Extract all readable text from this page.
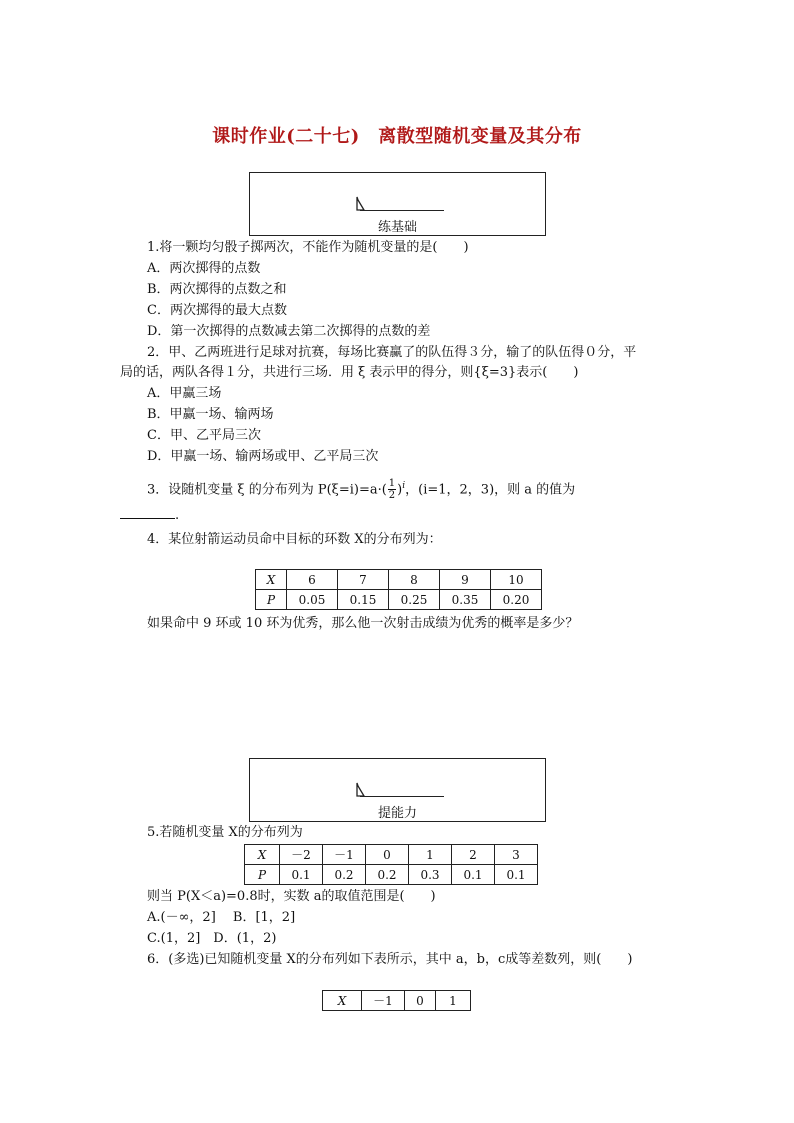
课时作业(二十七)　离散型随机变量及其分布
练基础
1.将一颗均匀骰子掷两次，不能作为随机变量的是(　　)
A．两次掷得的点数
B．两次掷得的点数之和
C．两次掷得的最大点数
D．第一次掷得的点数减去第二次掷得的点数的差
2．甲、乙两班进行足球对抗赛，每场比赛赢了的队伍得３分，输了的队伍得０分，平
局的话，两队各得１分，共进行三场．用 ξ 表示甲的得分，则{ξ=3}表示(　　)
A．甲赢三场
B．甲赢一场、输两场
C．甲、乙平局三次
D．甲赢一场、输两场或甲、乙平局三次
3．设随机变量 ξ 的分布列为 $P(\xi=i)=a\cdot( \frac{1}{2} )^i$，(i=1，2，3)，则 a 的值为
.
4．某位射箭运动员命中目标的环数 X的分布列为：
X	6	7	8	9	10
P	0.05	0.15	0.25	0.35	0.20
如果命中 9 环或 10 环为优秀，那么他一次射击成绩为优秀的概率是多少？
提能力
5.若随机变量 X的分布列为
X	－2	－1	0	1	2	3
P	0.1	0.2	0.2	0.3	0.1	0.1
则当 P(X＜a)=0.8时，实数 a的取值范围是(　　)
A.(－∞，2]　 B．[1，2]
C.(1，2]　D．(1，2)
6．(多选)已知随机变量 X的分布列如下表所示，其中 a，b，c成等差数列，则(　　)
X	－1	0	1
